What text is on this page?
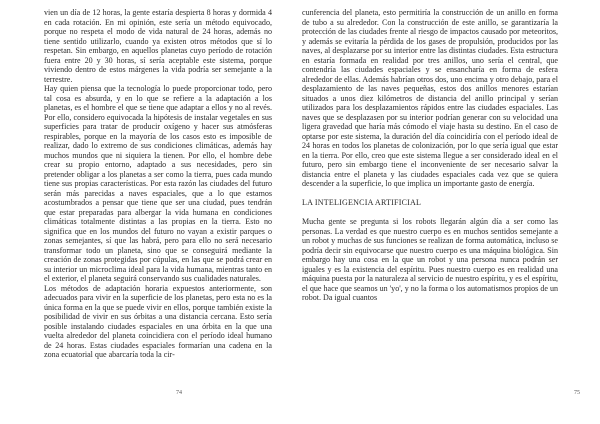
vien un día de 12 horas, la gente estaría despierta 8 horas y dormida 4 en cada rotación. En mi opinión, este sería un método equivocado, porque no respeta el modo de vida natural de 24 horas, además no tiene sentido utilizarlo, cuando ya existen otros métodos que sí lo respetan. Sin embargo, en aquellos planetas cuyo período de rotación fuera entre 20 y 30 horas, sí sería aceptable este sistema, porque viviendo dentro de estos márgenes la vida podría ser semejante a la terrestre.

Hay quien piensa que la tecnología lo puede proporcionar todo, pero tal cosa es absurda, y en lo que se refiere a la adaptación a los planetas, es el hombre el que se tiene que adaptar a ellos y no al revés. Por ello, considero equivocada la hipótesis de instalar vegetales en sus superficies para tratar de producir oxígeno y hacer sus atmósferas respirables, porque en la mayoría de los casos esto es imposible de realizar, dado lo extremo de sus condiciones climáticas, además hay muchos mundos que ni siquiera la tienen. Por ello, el hombre debe crear su propio entorno, adaptado a sus necesidades, pero sin pretender obligar a los planetas a ser como la tierra, pues cada mundo tiene sus propias características. Por esta razón las ciudades del futuro serán más parecidas a naves espaciales, que a lo que estamos acostumbrados a pensar que tiene que ser una ciudad, pues tendrán que estar preparadas para albergar la vida humana en condiciones climáticas totalmente distintas a las propias en la tierra. Esto no significa que en los mundos del futuro no vayan a existir parques o zonas semejantes, sí que las habrá, pero para ello no será necesario transformar todo un planeta, sino que se conseguirá mediante la creación de zonas protegidas por cúpulas, en las que se podrá crear en su interior un microclima ideal para la vida humana, mientras tanto en el exterior, el planeta seguirá conservando sus cualidades naturales.

Los métodos de adaptación horaria expuestos anteriormente, son adecuados para vivir en la superficie de los planetas, pero esta no es la única forma en la que se puede vivir en ellos, porque también existe la posibilidad de vivir en sus órbitas a una distancia cercana. Esto sería posible instalando ciudades espaciales en una órbita en la que una vuelta alrededor del planeta coincidiera con el período ideal humano de 24 horas. Estas ciudades espaciales formarían una cadena en la zona ecuatorial que abarcaría toda la cir-

74

cunferencia del planeta, esto permitiría la construcción de un anillo en forma de tubo a su alrededor. Con la construcción de este anillo, se garantizaría la protección de las ciudades frente al riesgo de impactos causado por meteoritos, y además se evitaría la pérdida de los gases de propulsión, producidos por las naves, al desplazarse por su interior entre las distintas ciudades. Esta estructura en estaría formada en realidad por tres anillos, uno sería el central, que contendría las ciudades espaciales y se ensancharía en forma de esfera alrededor de ellas. Además habrían otros dos, uno encima y otro debajo, para el desplazamiento de las naves pequeñas, estos dos anillos menores estarían situados a unos diez kilómetros de distancia del anillo principal y serían utilizados para los desplazamientos rápidos entre las ciudades espaciales. Las naves que se desplazasen por su interior podrían generar con su velocidad una ligera gravedad que haría más cómodo el viaje hasta su destino. En el caso de optarse por este sistema, la duración del día coincidiría con el período ideal de 24 horas en todos los planetas de colonización, por lo que sería igual que estar en la tierra. Por ello, creo que este sistema llegue a ser considerado ideal en el futuro, pero sin embargo tiene el inconveniente de ser necesario salvar la distancia entre el planeta y las ciudades espaciales cada vez que se quiera descender a la superficie, lo que implica un importante gasto de energía.

LA INTELIGENCIA ARTIFICIAL

Mucha gente se pregunta si los robots llegarán algún día a ser como las personas. La verdad es que nuestro cuerpo es en muchos sentidos semejante a un robot y muchas de sus funciones se realizan de forma automática, incluso se podría decir sin equivocarse que nuestro cuerpo es una máquina biológica. Sin embargo hay una cosa en la que un robot y una persona nunca podrán ser iguales y es la existencia del espíritu. Pues nuestro cuerpo es en realidad una máquina puesta por la naturaleza al servicio de nuestro espíritu, y es el espíritu, el que hace que seamos un 'yo', y no la forma o los automatismos propios de un robot. Da igual cuantos

75
